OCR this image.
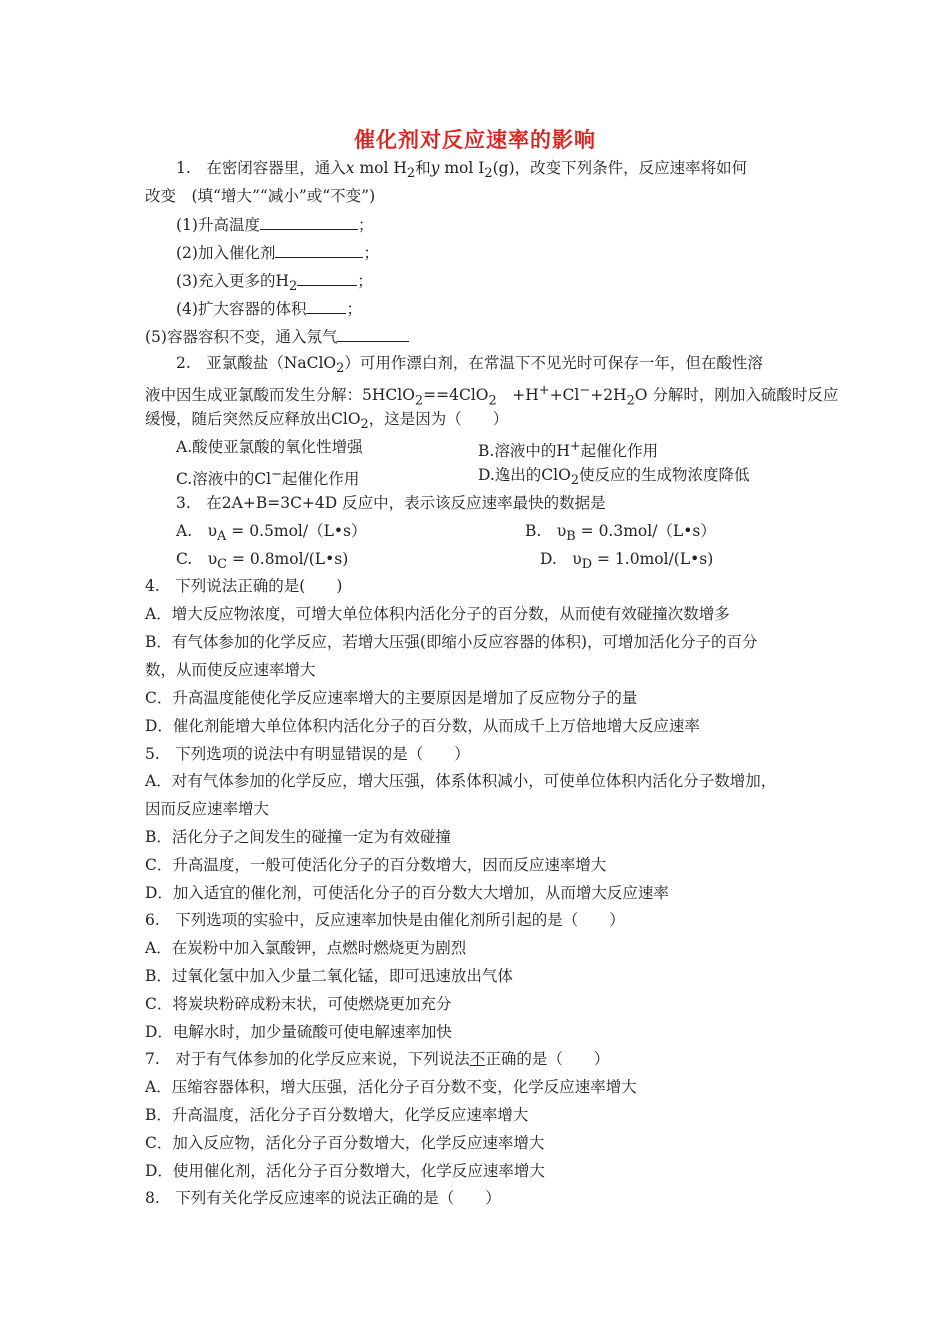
催化剂对反应速率的影响
1.　在密闭容器里，通入x mol $H_2$和y mol $I_2(g)$，改变下列条件，反应速率将如何
改变　(填“增大”“减小”或“不变”)
(1)升高温度	；
(2)加入催化剂	；
(3)充入更多的$H_2$	；
(4)扩大容器的体积	；
(5)容器容积不变，通入氖气
2.　亚氯酸盐（NaClO$_2$）可用作漂白剂，在常温下不见光时可保存一年，但在酸性溶
液中因生成亚氯酸而发生分解：5HClO$_2$==4ClO$_2$　$+H^++Cl^-+2H_2O$ 分解时，刚加入硫酸时反应
缓慢，随后突然反应释放出ClO$_2$，这是因为（　　）
A.酸使亚氯酸的氧化性增强	B.溶液中的H+起催化作用
C.溶液中的Cl−起催化作用	D.逸出的ClO$_2$使反应的生成物浓度降低
3.　在2A+B=3C+4D 反应中，表示该反应速率最快的数据是
A.　$\upsilon_A$ = 0.5mol/（L•s）	B.　$\upsilon_B$ = 0.3mol/（L•s）
C.　$\upsilon_C$ = 0.8mol/(L•s)	D.　$\upsilon_D$ = 1.0mol/(L•s)
4.　下列说法正确的是(　　)
A．增大反应物浓度，可增大单位体积内活化分子的百分数，从而使有效碰撞次数增多
B．有气体参加的化学反应，若增大压强(即缩小反应容器的体积)，可增加活化分子的百分
数，从而使反应速率增大
C．升高温度能使化学反应速率增大的主要原因是增加了反应物分子的量
D．催化剂能增大单位体积内活化分子的百分数，从而成千上万倍地增大反应速率
5.　下列选项的说法中有明显错误的是（　　）
A．对有气体参加的化学反应，增大压强，体系体积减小，可使单位体积内活化分子数增加，
因而反应速率增大
B．活化分子之间发生的碰撞一定为有效碰撞
C．升高温度，一般可使活化分子的百分数增大，因而反应速率增大
D．加入适宜的催化剂，可使活化分子的百分数大大增加，从而增大反应速率
6.　下列选项的实验中，反应速率加快是由催化剂所引起的是（　　）
A．在炭粉中加入氯酸钾，点燃时燃烧更为剧烈
B．过氧化氢中加入少量二氧化锰，即可迅速放出气体
C．将炭块粉碎成粉末状，可使燃烧更加充分
D．电解水时，加少量硫酸可使电解速率加快
7.　对于有气体参加的化学反应来说，下列说法不正确的是（　　）
A．压缩容器体积，增大压强，活化分子百分数不变，化学反应速率增大
B．升高温度，活化分子百分数增大，化学反应速率增大
C．加入反应物，活化分子百分数增大，化学反应速率增大
D．使用催化剂，活化分子百分数增大，化学反应速率增大
8.　下列有关化学反应速率的说法正确的是（　　）
